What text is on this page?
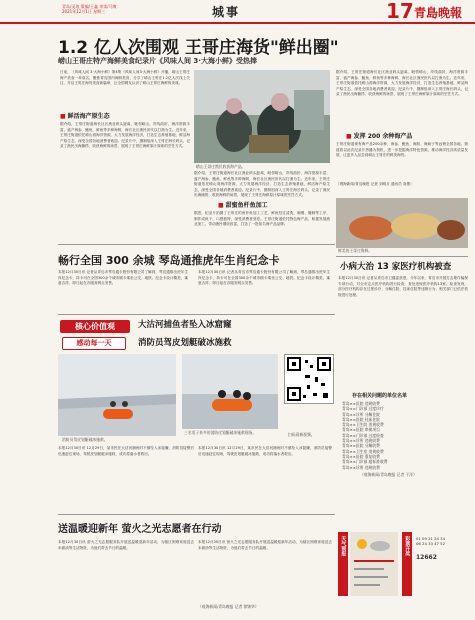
青岛/灵琅 策编/王鑫 审读/马爽
2021年12月1日 星期三	城事	17 青島晚報
1.2 亿人次围观 王哥庄海货"鲜出圈"
崂山王哥庄特产海鲜美食纪录片《风味人间 3·大海小鲜》受热捧
日前，《风味人间 3·大海小鲜》第4集《风味人间3·大海小鲜》开播，崂山王哥庄海产美食一举成名，聚焦青岛国内海鲜美食，分享了崂山王哥庄1.2亿人次线上关注，开启王哥庄海货美食新篇章，让全国网友认识了崂山王哥庄海鲜的美味。
■ 鲜活海产原生态
据介绍，王哥庄街道海长社区渔业码头距离，毗邻崂山，岸线曲折，海洋资源丰富，盛产海参、鲍鱼、鲜鱼等多种海鲜，海长社区渔民世代以打渔为生。近年来，王哥庄街道依托崂山湾海洋资源，大力发展海洋经济，打造生态养殖基地，鲜活海产原生态，深受全国各地消费者欢迎。纪录片中，摄制组深入王哥庄海长码头，记录了渔民出海捕捞、收获海鲜的场景，展现了王哥庄海鲜原汁原味的烹饪方式。
崂山王哥庄渔民收获海产品。
据介绍，王哥庄街道海长社区渔业码头距离，毗邻崂山，岸线曲折，海洋资源丰富，盛产海参、鲍鱼、鲜鱼等多种海鲜，海长社区渔民世代以打渔为生。近年来，王哥庄街道依托崂山湾海洋资源，大力发展海洋经济，打造生态养殖基地，鲜活海产原生态，深受全国各地消费者欢迎。纪录片中，摄制组深入王哥庄海长码头，记录了渔民出海捕捞、收获海鲜的场景，展现了王哥庄海鲜原汁原味的烹饪方式。
■ 甜蜜鱼杆鱼加工
据悉，纪录片拍摄了王哥庄的鱼杆鱼加工工艺，鲜鱼经过清洗、晾晒、腌制等工序，制作成鱼干，口感独特，深受消费者喜爱。王哥庄街道依托特色海产品，积极发展渔业加工，带动渔民增收致富，打造了一批知名海产品品牌。
据介绍，王哥庄街道海长社区渔业码头距离，毗邻崂山，岸线曲折，海洋资源丰富，盛产海参、鲍鱼、鲜鱼等多种海鲜，海长社区渔民世代以打渔为生。近年来，王哥庄街道依托崂山湾海洋资源，大力发展海洋经济，打造生态养殖基地，鲜活海产原生态，深受全国各地消费者欢迎。纪录片中，摄制组深入王哥庄海长码头，记录了渔民出海捕捞、收获海鲜的场景，展现了王哥庄海鲜原汁原味的烹饪方式。
■ 发挥 200 余种海产品
王哥庄街道现有海产品200余种，海参、鲍鱼、海胆、海蛎子等远销全国各地。街道将以此次纪录片热播为契机，进一步挖掘海洋特色资源，推动海洋经济高质量发展，让更多人品尝到崂山王哥庄的鲜美海货。
（观海新闻/青岛晚报 记者 刘明月 通讯员 高蕾）
鲜美的王哥庄海鲜。
畅行全国 300 余城 琴岛通推虎年生肖纪念卡
本报12月30日讯 记者从青岛市琴岛通卡股份有限公司了解到，琴岛通推出虎年生肖纪念卡，持卡可在全国300余个城市刷卡乘坐公交、地铁。纪念卡设计精美，寓意吉祥，即日起在各服务网点发售。
本报12月30日讯 记者从青岛市琴岛通卡股份有限公司了解到，琴岛通推出虎年生肖纪念卡，持卡可在全国300余个城市刷卡乘坐公交、地铁。纪念卡设计精美，寓意吉祥，即日起在各服务网点发售。
核心价值观
感动每一天
大沽河捕鱼者坠入冰窟窿
消防员驾皮划艇破冰施救
消防员驾皮划艇破冰施救。
扫码看新视频。
三名男子来多的消防皮划艇破冰施救现场。
本报12月30日讯 12月29日，某市民在大沽河捕鱼时不慎坠入冰窟窿，消防员接警后迅速赶往现场，驾驶皮划艇破冰施救，成功将落水者救出。
本报12月30日讯 12月29日，某市民在大沽河捕鱼时不慎坠入冰窟窿，消防员接警后迅速赶往现场，驾驶皮划艇破冰施救，成功将落水者救出。
送温暖迎新年 萤火之光志愿者在行动
本报12月30日讯 萤火之光志愿服务队开展送温暖迎新年活动，为辖区困难家庭送去米面油等生活物资，为他们带去节日的温暖。
本报12月30日讯 萤火之光志愿服务队开展送温暖迎新年活动，为辖区困难家庭送去米面油等生活物资，为他们带去节日的温暖。
（观海新闻/青岛晚报 记者 徐锦华）
小病大治 13 家医疗机构被查
本报12月30日讯 记者从青岛市卫健委获悉，今年以来，青岛市开展打击欺诈骗保专项行动，对全市定点医疗机构进行检查，查处违规医疗机构13家。检查发现，部分医疗机构存在过度诊疗、分解住院、挂床住院等违规行为，相关部门已依法依规进行处理。
存在相关问题的单位名单
青岛××医院 违规收费
青岛××门诊部 过度诊疗
青岛××诊所 分解住院
青岛××医院 挂床住院
青岛××卫生院 违规收费
青岛××医院 串换项目
青岛××门诊部 过度检查
青岛××诊所 违规收费
青岛××医院 分解收费
青岛××卫生室 违规收费
青岛××医院 重复收费
青岛××门诊部 超标准收费
青岛××诊所 违规收费
（观海新闻/青岛晚报 记者 于洋）
天气预报	彩票开奖 01 09 21 24 34
06 24 33 47 52
12662
